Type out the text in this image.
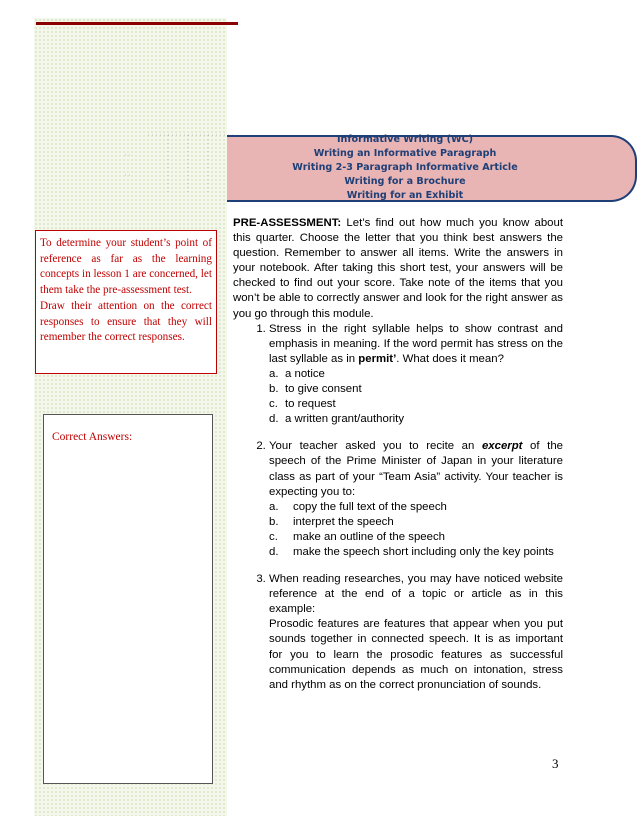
Informative Writing (WC)
Writing an Informative Paragraph
Writing 2-3 Paragraph Informative Article
Writing for a Brochure
Writing for an Exhibit

To determine your student’s point of reference as far as the learning concepts in lesson 1 are concerned, let them take the pre-assessment test.

Draw their attention on the correct responses to ensure that they will remember the correct responses.

Correct Answers:

PRE-ASSESSMENT: Let’s find out how much you know about this quarter. Choose the letter that you think best answers the question. Remember to answer all items. Write the answers in your notebook. After taking this short test, your answers will be checked to find out your score. Take note of the items that you won’t be able to correctly answer and look for the right answer as you go through this module.

1. Stress in the right syllable helps to show contrast and emphasis in meaning. If the word permit has stress on the last syllable as in permit’. What does it mean?
a. a notice
b. to give consent
c. to request
d. a written grant/authority
2. Your teacher asked you to recite an excerpt of the speech of the Prime Minister of Japan in your literature class as part of your “Team Asia” activity. Your teacher is expecting you to:
a.	copy the full text of the speech
b.	interpret the speech
c.	make an outline of the speech
d.	make the speech short including only the key points
3. When reading researches, you may have noticed website reference at the end of a topic or article as in this example:

Prosodic features are features that appear when you put sounds together in connected speech. It is as important for you to learn the prosodic features as successful communication depends as much on intonation, stress and rhythm as on the correct pronunciation of sounds.

3
